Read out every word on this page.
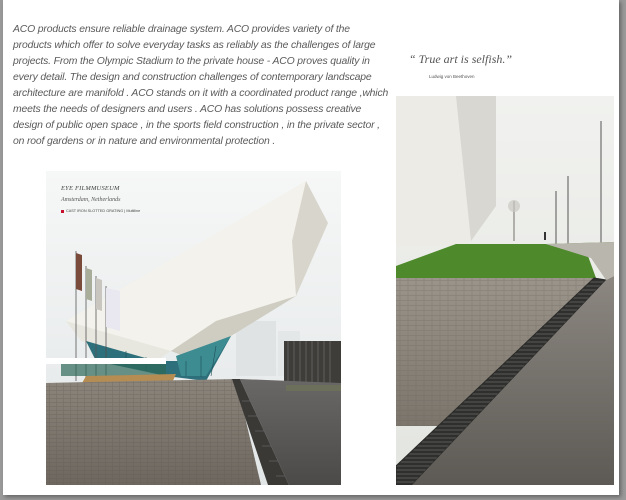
ACO products ensure reliable drainage system. ACO provides variety of the products which offer to solve everyday tasks as reliably as the challenges of large projects. From the Olympic Stadium to the private house - ACO proves quality in every detail. The design and construction challenges of contemporary landscape architecture are manifold . ACO stands on it with a coordinated product range ,which meets the needs of designers and users . ACO has solutions possess creative design of public open space , in the sports field construction , in the private sector , on roof gardens or in nature and environmental protection .

“ True art is selfish.”
Ludwig von Beethoven
EYE FILMMUSEUM
Amsterdam, Netherlands
CAST IRON SLOTTED GRATING | Multiline
